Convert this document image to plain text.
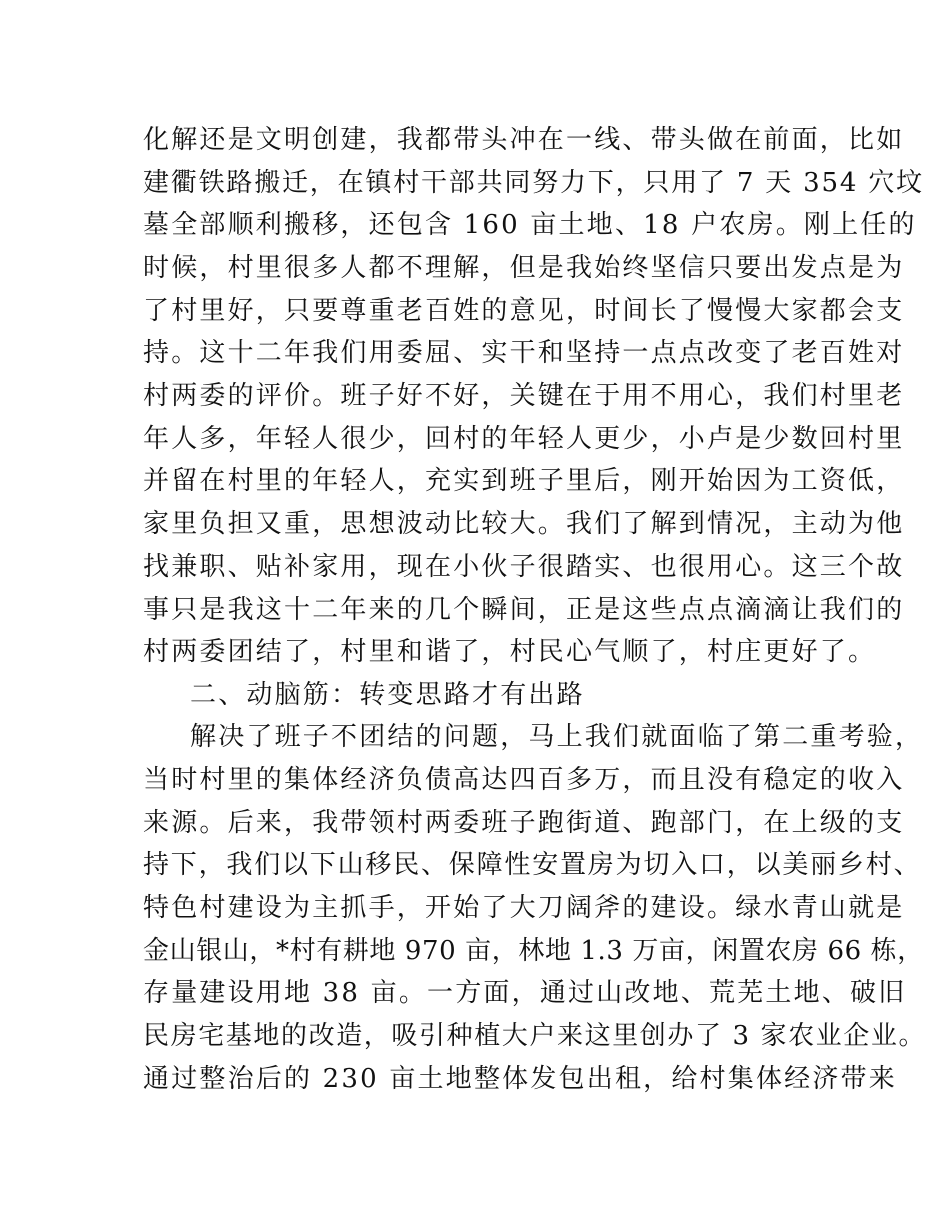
化解还是文明创建，我都带头冲在一线、带头做在前面，比如
建衢铁路搬迁，在镇村干部共同努力下，只用了 7 天 354 穴坟
墓全部顺利搬移，还包含 160 亩土地、18 户农房。刚上任的
时候，村里很多人都不理解，但是我始终坚信只要出发点是为
了村里好，只要尊重老百姓的意见，时间长了慢慢大家都会支
持。这十二年我们用委屈、实干和坚持一点点改变了老百姓对
村两委的评价。班子好不好，关键在于用不用心，我们村里老
年人多，年轻人很少，回村的年轻人更少，小卢是少数回村里
并留在村里的年轻人，充实到班子里后，刚开始因为工资低，
家里负担又重，思想波动比较大。我们了解到情况，主动为他
找兼职、贴补家用，现在小伙子很踏实、也很用心。这三个故
事只是我这十二年来的几个瞬间，正是这些点点滴滴让我们的
村两委团结了，村里和谐了，村民心气顺了，村庄更好了。
二、动脑筋：转变思路才有出路
解决了班子不团结的问题，马上我们就面临了第二重考验，
当时村里的集体经济负债高达四百多万，而且没有稳定的收入
来源。后来，我带领村两委班子跑街道、跑部门，在上级的支
持下，我们以下山移民、保障性安置房为切入口，以美丽乡村、
特色村建设为主抓手，开始了大刀阔斧的建设。绿水青山就是
金山银山，*村有耕地 970 亩，林地 1.3 万亩，闲置农房 66 栋，
存量建设用地 38 亩。一方面，通过山改地、荒芜土地、破旧
民房宅基地的改造，吸引种植大户来这里创办了 3 家农业企业。
通过整治后的 230 亩土地整体发包出租，给村集体经济带来
